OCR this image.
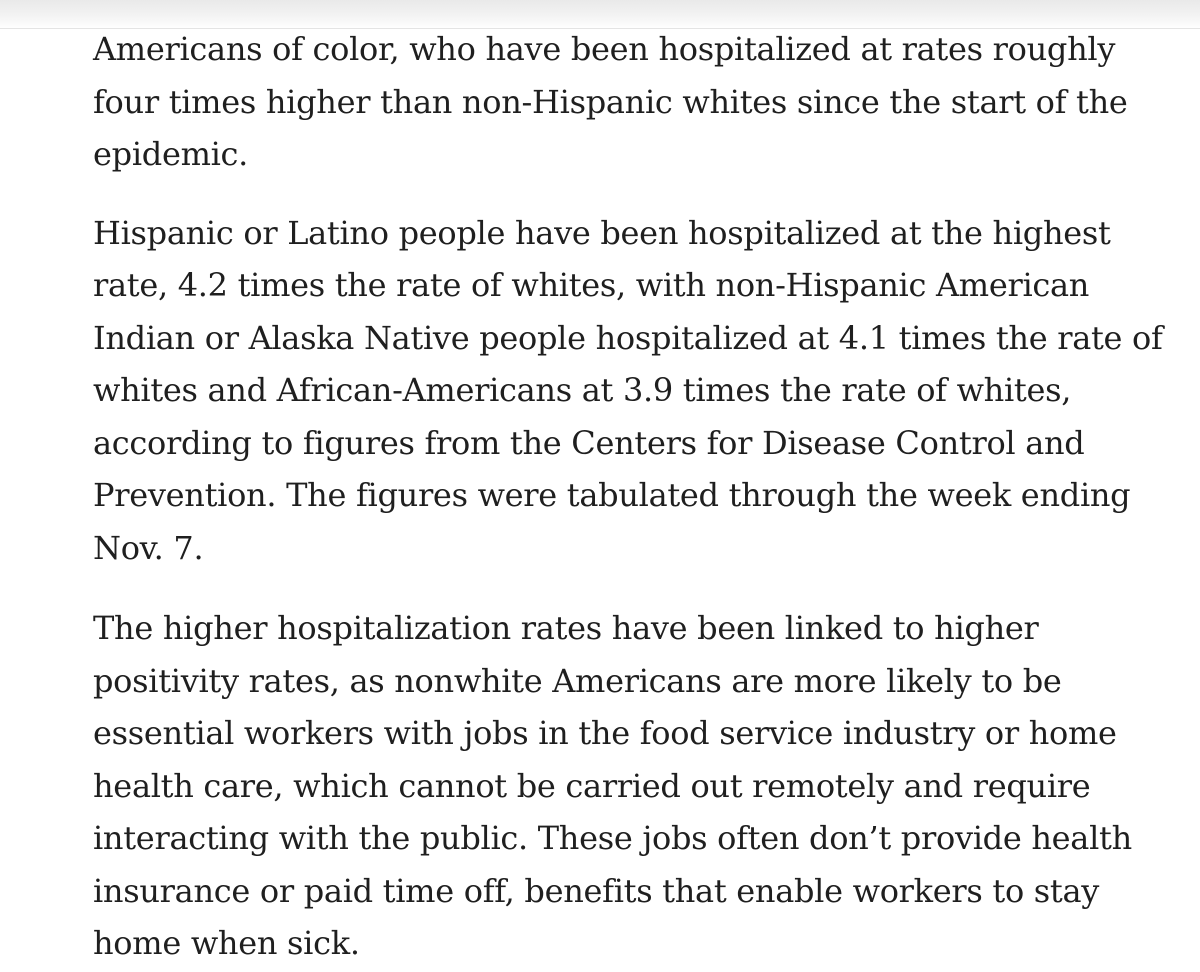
Americans of color, who have been hospitalized at rates roughly
four times higher than non-Hispanic whites since the start of the
epidemic.
Hispanic or Latino people have been hospitalized at the highest
rate, 4.2 times the rate of whites, with non-Hispanic American
Indian or Alaska Native people hospitalized at 4.1 times the rate of
whites and African-Americans at 3.9 times the rate of whites,
according to figures from the Centers for Disease Control and
Prevention. The figures were tabulated through the week ending
Nov. 7.
The higher hospitalization rates have been linked to higher
positivity rates, as nonwhite Americans are more likely to be
essential workers with jobs in the food service industry or home
health care, which cannot be carried out remotely and require
interacting with the public. These jobs often don’t provide health
insurance or paid time off, benefits that enable workers to stay
home when sick.
